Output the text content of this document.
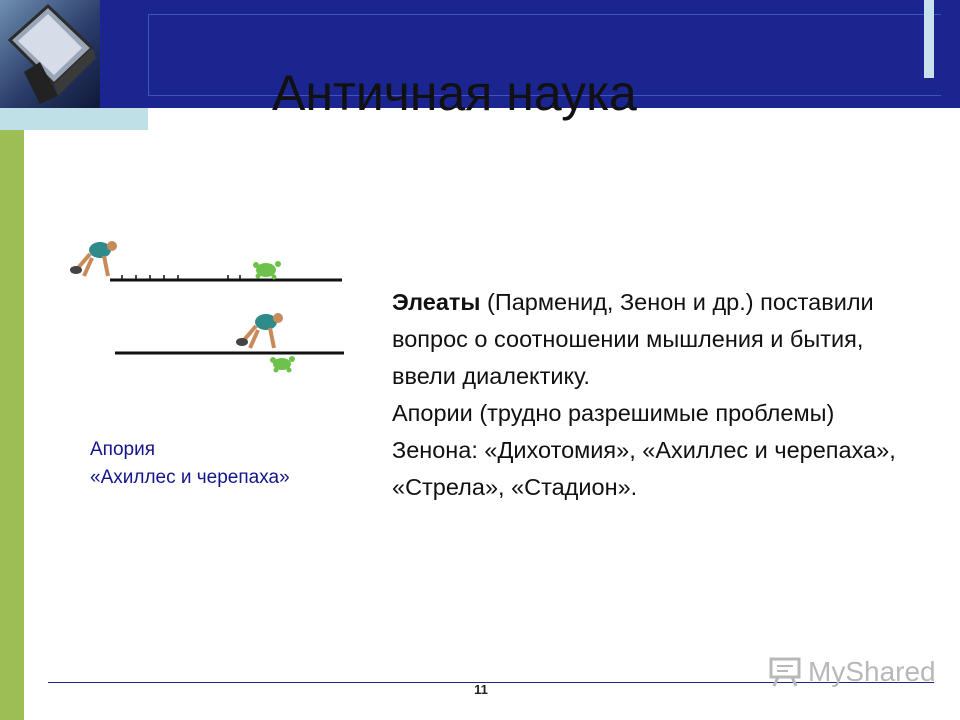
Античная наука
Апория
«Ахиллес и черепаха»

Элеаты (Парменид, Зенон и др.) поставили вопрос о соотношении мышления и бытия, ввели диалектику.

Апории (трудно разрешимые проблемы) Зенона: «Дихотомия», «Ахиллес и черепаха», «Стрела», «Стадион».

11
MyShared
